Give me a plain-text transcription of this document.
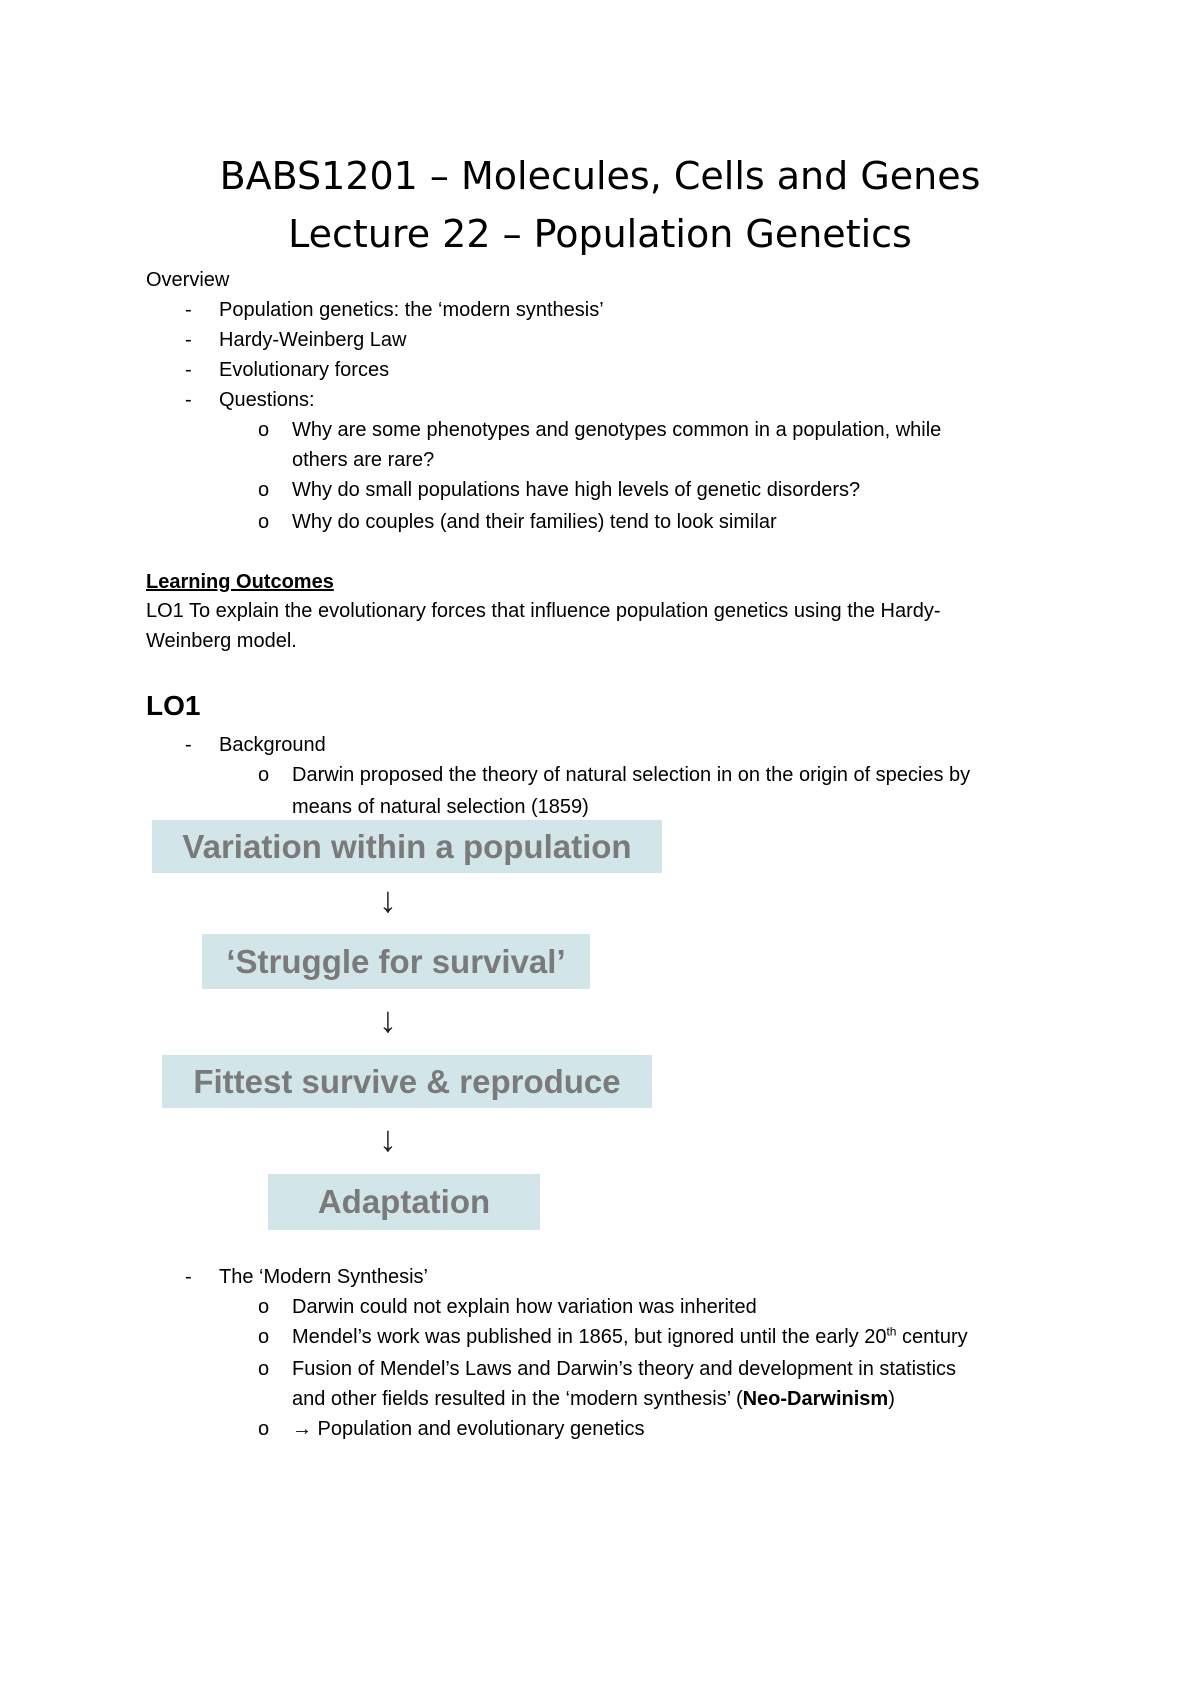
BABS1201 – Molecules, Cells and Genes
Lecture 22 – Population Genetics
Overview
-	Population genetics: the ‘modern synthesis’
-	Hardy-Weinberg Law
-	Evolutionary forces
-	Questions:
o	Why are some phenotypes and genotypes common in a population, while
others are rare?
o	Why do small populations have high levels of genetic disorders?
o	Why do couples (and their families) tend to look similar
Learning Outcomes
LO1 To explain the evolutionary forces that influence population genetics using the Hardy-
Weinberg model.
LO1
-	Background
o	Darwin proposed the theory of natural selection in on the origin of species by
means of natural selection (1859)
Variation within a population
↓
‘Struggle for survival’
↓
Fittest survive & reproduce
↓
Adaptation
-	The ‘Modern Synthesis’
o	Darwin could not explain how variation was inherited
o	Mendel’s work was published in 1865, but ignored until the early 20th century
o	Fusion of Mendel’s Laws and Darwin’s theory and development in statistics
and other fields resulted in the ‘modern synthesis’ (Neo-Darwinism)
o	→ Population and evolutionary genetics
